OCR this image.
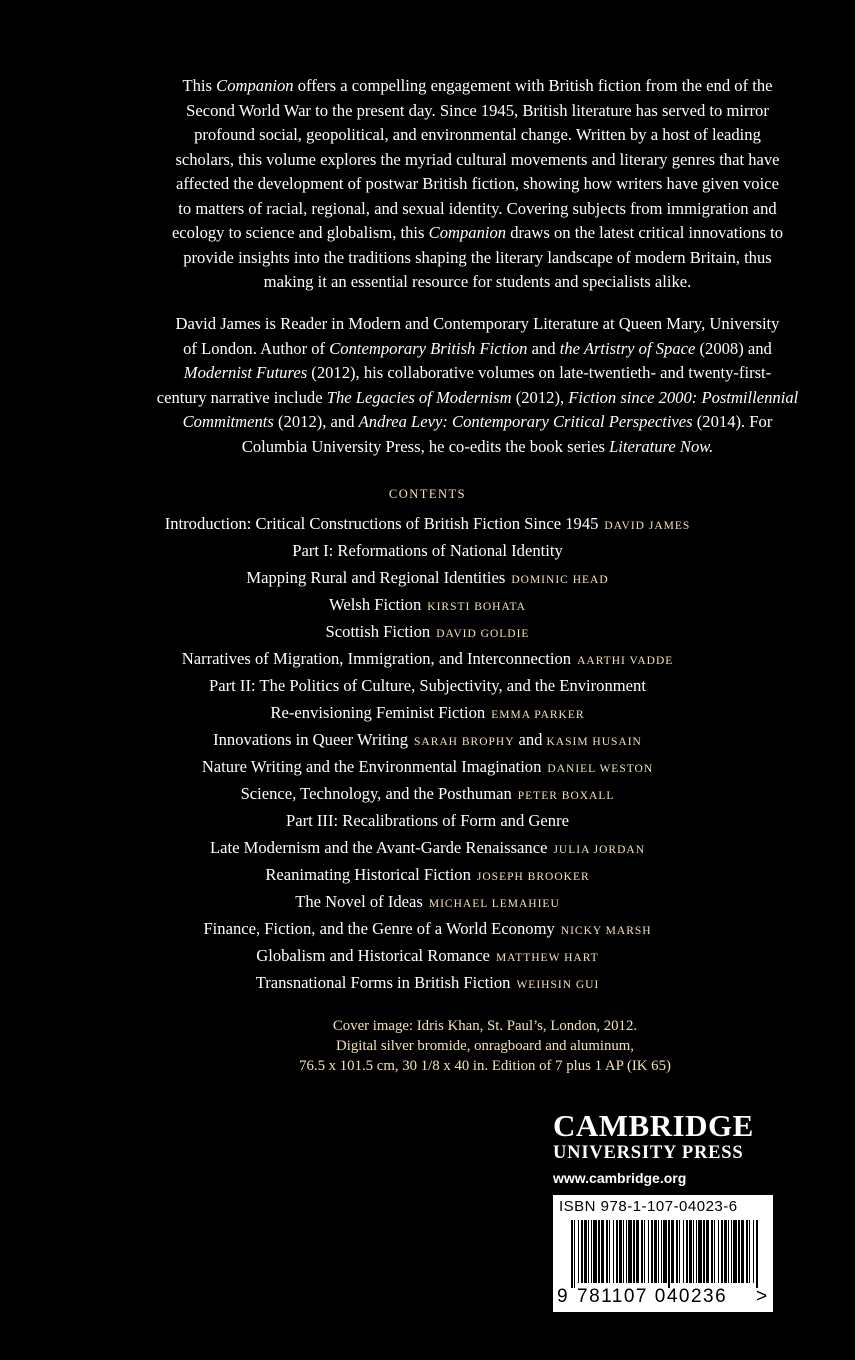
This Companion offers a compelling engagement with British fiction from the end of the
Second World War to the present day. Since 1945, British literature has served to mirror
profound social, geopolitical, and environmental change. Written by a host of leading
scholars, this volume explores the myriad cultural movements and literary genres that have
affected the development of postwar British fiction, showing how writers have given voice
to matters of racial, regional, and sexual identity. Covering subjects from immigration and
ecology to science and globalism, this Companion draws on the latest critical innovations to
provide insights into the traditions shaping the literary landscape of modern Britain, thus
making it an essential resource for students and specialists alike.
David James is Reader in Modern and Contemporary Literature at Queen Mary, University
of London. Author of Contemporary British Fiction and the Artistry of Space (2008) and
Modernist Futures (2012), his collaborative volumes on late-twentieth- and twenty-first-
century narrative include The Legacies of Modernism (2012), Fiction since 2000: Postmillennial
Commitments (2012), and Andrea Levy: Contemporary Critical Perspectives (2014). For
Columbia University Press, he co-edits the book series Literature Now.
CONTENTS
Introduction: Critical Constructions of British Fiction Since 1945 DAVID JAMES
Part I: Reformations of National Identity
Mapping Rural and Regional Identities DOMINIC HEAD
Welsh Fiction KIRSTI BOHATA
Scottish Fiction DAVID GOLDIE
Narratives of Migration, Immigration, and Interconnection AARTHI VADDE
Part II: The Politics of Culture, Subjectivity, and the Environment
Re-envisioning Feminist Fiction EMMA PARKER
Innovations in Queer Writing SARAH BROPHY and KASIM HUSAIN
Nature Writing and the Environmental Imagination DANIEL WESTON
Science, Technology, and the Posthuman PETER BOXALL
Part III: Recalibrations of Form and Genre
Late Modernism and the Avant-Garde Renaissance JULIA JORDAN
Reanimating Historical Fiction JOSEPH BROOKER
The Novel of Ideas MICHAEL LEMAHIEU
Finance, Fiction, and the Genre of a World Economy NICKY MARSH
Globalism and Historical Romance MATTHEW HART
Transnational Forms in British Fiction WEIHSIN GUI
Cover image: Idris Khan, St. Paul’s, London, 2012.
Digital silver bromide, onragboard and aluminum,
76.5 x 101.5 cm, 30 1/8 x 40 in. Edition of 7 plus 1 AP (IK 65)
CAMBRIDGE
UNIVERSITY PRESS
www.cambridge.org
ISBN 978-1-107-04023-6
9 781107 040236 >
